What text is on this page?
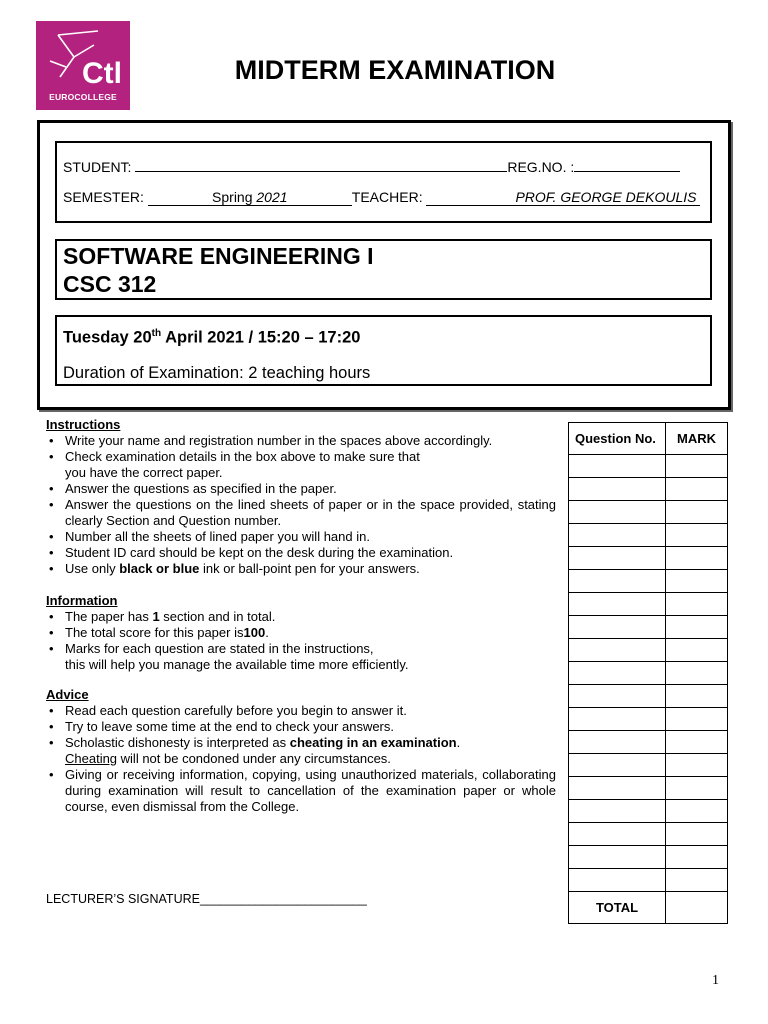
Ctl
EUROCOLLEGE
MIDTERM EXAMINATION
STUDENT:	REG.NO. :
SEMESTER:	Spring 2021	TEACHER:	PROF. GEORGE DEKOULIS
SOFTWARE ENGINEERING I
CSC 312
Tuesday 20th April 2021 / 15:20 – 17:20
Duration of Examination: 2 teaching hours
Instructions
• Write your name and registration number in the spaces above accordingly.
• Check examination details in the box above to make sure that
you have the correct paper.
• Answer the questions as specified in the paper.
• Answer the questions on the lined sheets of paper or in the space provided, stating clearly Section and Question number.
• Number all the sheets of lined paper you will hand in.
• Student ID card should be kept on the desk during the examination.
• Use only black or blue ink or ball-point pen for your answers.
Information
• The paper has 1 section and in total.
• The total score for this paper is100.
• Marks for each question are stated in the instructions,
this will help you manage the available time more efficiently.
Advice
• Read each question carefully before you begin to answer it.
• Try to leave some time at the end to check your answers.
• Scholastic dishonesty is interpreted as cheating in an examination.
Cheating will not be condoned under any circumstances.
• Giving or receiving information, copying, using unauthorized materials, collaborating during examination will result to cancellation of the examination paper or whole course, even dismissal from the College.
LECTURER’S SIGNATURE________________________
Question No.	MARK

TOTAL	
1
